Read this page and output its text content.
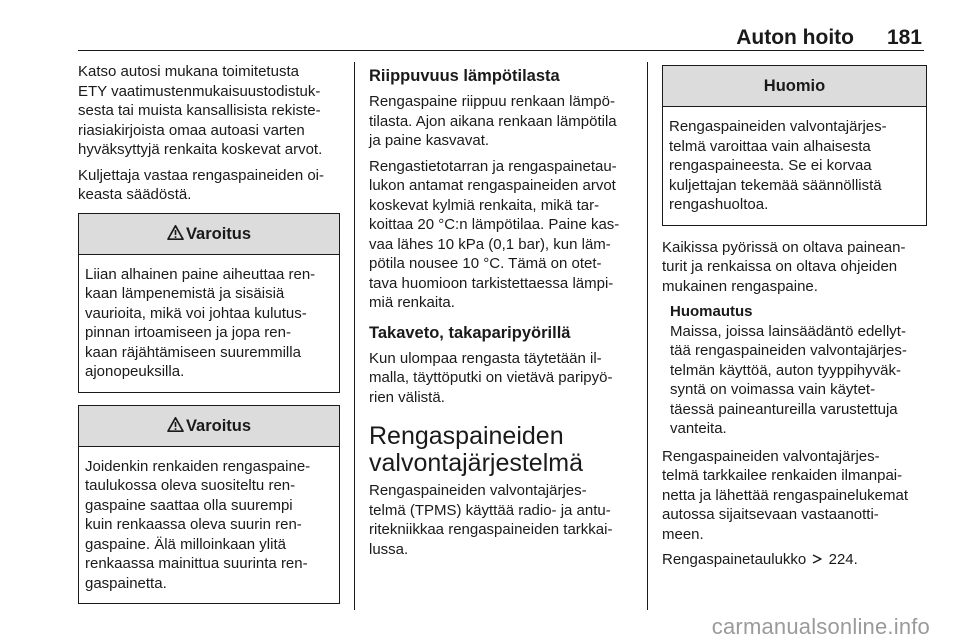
Auton hoito 181

Katso autosi mukana toimitetusta
ETY vaatimustenmukaisuustodistuk-
sesta tai muista kansallisista rekiste-
riasiakirjoista omaa autoasi varten
hyväksyttyjä renkaita koskevat arvot.

Kuljettaja vastaa rengaspaineiden oi-
keasta säädöstä.

Varoitus

Liian alhainen paine aiheuttaa ren-
kaan lämpenemistä ja sisäisiä
vaurioita, mikä voi johtaa kulutus-
pinnan irtoamiseen ja jopa ren-
kaan räjähtämiseen suuremmilla
ajonopeuksilla.

Varoitus

Joidenkin renkaiden rengaspaine-
taulukossa oleva suositeltu ren-
gaspaine saattaa olla suurempi
kuin renkaassa oleva suurin ren-
gaspaine. Älä milloinkaan ylitä
renkaassa mainittua suurinta ren-
gaspainetta.

Riippuvuus lämpötilasta

Rengaspaine riippuu renkaan lämpö-
tilasta. Ajon aikana renkaan lämpötila
ja paine kasvavat.

Rengastietotarran ja rengaspainetau-
lukon antamat rengaspaineiden arvot
koskevat kylmiä renkaita, mikä tar-
koittaa 20 °C:n lämpötilaa. Paine kas-
vaa lähes 10 kPa (0,1 bar), kun läm-
pötila nousee 10 °C. Tämä on otet-
tava huomioon tarkistettaessa lämpi-
miä renkaita.

Takaveto, takaparipyörillä

Kun ulompaa rengasta täytetään il-
malla, täyttöputki on vietävä paripyö-
rien välistä.

Rengaspaineiden
valvontajärjestelmä

Rengaspaineiden valvontajärjes-
telmä (TPMS) käyttää radio- ja antu-
ritekniikkaa rengaspaineiden tarkkai-
lussa.

Huomio

Rengaspaineiden valvontajärjes-
telmä varoittaa vain alhaisesta
rengaspaineesta. Se ei korvaa
kuljettajan tekemää säännöllistä
rengashuoltoa.

Kaikissa pyörissä on oltava painean-
turit ja renkaissa on oltava ohjeiden
mukainen rengaspaine.

Huomautus

Maissa, joissa lainsäädäntö edellyt-
tää rengaspaineiden valvontajärjes-
telmän käyttöä, auton tyyppihyväk-
syntä on voimassa vain käytet-
täessä paineantureilla varustettuja
vanteita.

Rengaspaineiden valvontajärjes-
telmä tarkkailee renkaiden ilmanpai-
netta ja lähettää rengaspainelukemat
autossa sijaitsevaan vastaanotti-
meen.

Rengaspainetaulukko 224.

carmanualsonline.info
